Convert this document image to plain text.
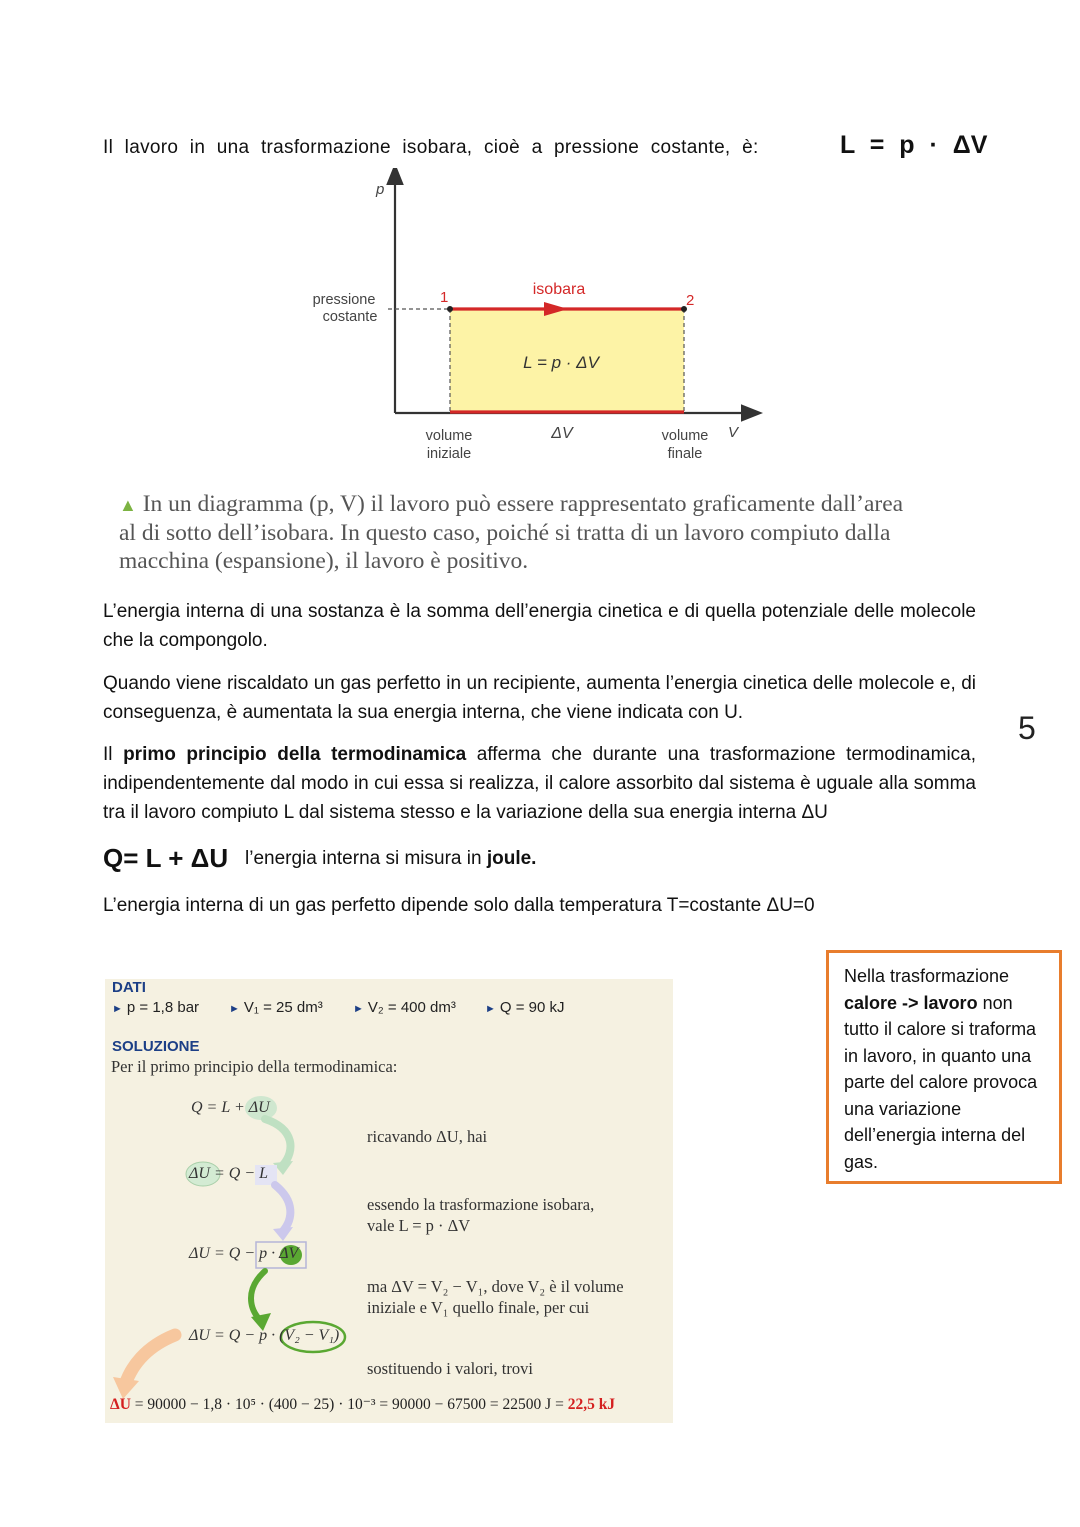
Il lavoro in una trasformazione isobara, cioè a pressione costante, è:	L = p · ΔV
p
V
pressione
costante
1	2
isobara
L = p · ΔV
volume
iniziale
ΔV	volume
finale
▲ In un diagramma (p, V) il lavoro può essere rappresentato graficamente dall’area al di sotto dell’isobara. In questo caso, poiché si tratta di un lavoro compiuto dalla macchina (espansione), il lavoro è positivo.
L’energia interna di una sostanza è la somma dell’energia cinetica e di quella potenziale delle molecole che la compongolo.
Quando viene riscaldato un gas perfetto in un recipiente, aumenta l’energia cinetica delle molecole e, di conseguenza, è aumentata la sua energia interna, che viene indicata con U.
Il primo principio della termodinamica afferma che durante una trasformazione termodinamica, indipendentemente dal modo in cui essa si realizza, il calore assorbito dal sistema è uguale alla somma tra il lavoro compiuto L dal sistema stesso e la variazione della sua energia interna ΔU
5
Q= L + ΔU l’energia interna si misura in joule.
L’energia interna di un gas perfetto dipende solo dalla temperatura T=costante ΔU=0
Nella trasformazione
calore -> lavoro non tutto il calore si traforma in lavoro, in quanto una parte del calore provoca una variazione dell’energia interna del gas.
DATI
► p = 1,8 bar	► V₁ = 25 dm³	► V₂ = 400 dm³	► Q = 90 kJ
SOLUZIONE
Per il primo principio della termodinamica:
Q = L + ΔU
ricavando ΔU, hai
ΔU = Q − L
essendo la trasformazione isobara,
vale L = p · ΔV
ΔU = Q − p · ΔV
ma ΔV = V₂ − V₁, dove V₂ è il volume
iniziale e V₁ quello finale, per cui
ΔU = Q − p · (V₂ − V₁)
sostituendo i valori, trovi
ΔU = 90000 − 1,8 · 10⁵ · (400 − 25) · 10⁻³ = 90000 − 67500 = 22500 J = 22,5 kJ
